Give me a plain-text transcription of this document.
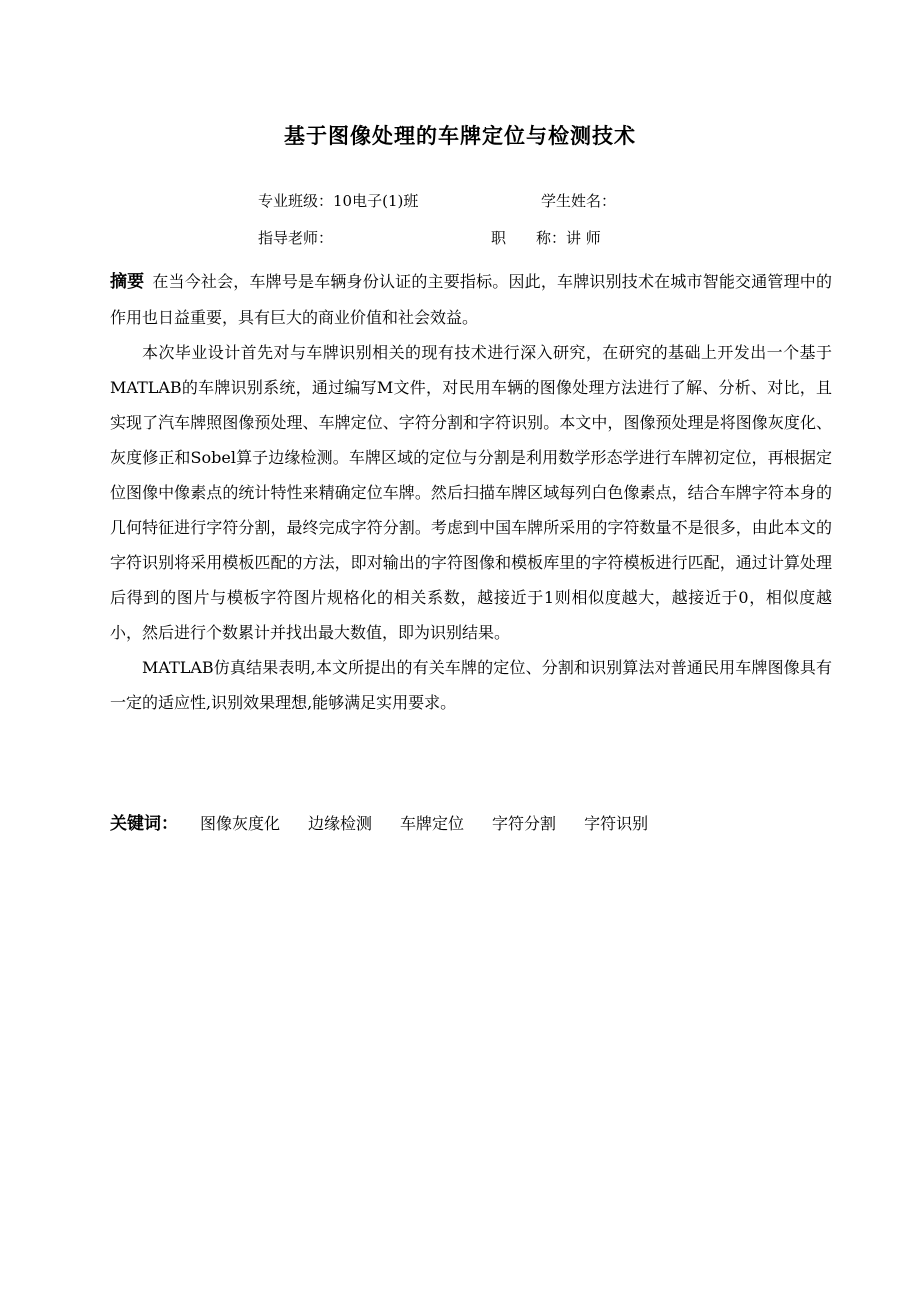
基于图像处理的车牌定位与检测技术
专业班级：10电子(1)班	学生姓名：
指导老师：	职　　称：讲 师

摘要 在当今社会，车牌号是车辆身份认证的主要指标。因此，车牌识别技术在城市智能交通管理中的作用也日益重要，具有巨大的商业价值和社会效益。

本次毕业设计首先对与车牌识别相关的现有技术进行深入研究，在研究的基础上开发出一个基于MATLAB的车牌识别系统，通过编写M文件，对民用车辆的图像处理方法进行了解、分析、对比，且实现了汽车牌照图像预处理、车牌定位、字符分割和字符识别。本文中，图像预处理是将图像灰度化、灰度修正和Sobel算子边缘检测。车牌区域的定位与分割是利用数学形态学进行车牌初定位，再根据定位图像中像素点的统计特性来精确定位车牌。然后扫描车牌区域每列白色像素点，结合车牌字符本身的几何特征进行字符分割，最终完成字符分割。考虑到中国车牌所采用的字符数量不是很多，由此本文的字符识别将采用模板匹配的方法，即对输出的字符图像和模板库里的字符模板进行匹配，通过计算处理后得到的图片与模板字符图片规格化的相关系数，越接近于1则相似度越大，越接近于0，相似度越小，然后进行个数累计并找出最大数值，即为识别结果。

MATLAB仿真结果表明,本文所提出的有关车牌的定位、分割和识别算法对普通民用车牌图像具有一定的适应性,识别效果理想,能够满足实用要求。

关键词： 图像灰度化 边缘检测 车牌定位 字符分割 字符识别
